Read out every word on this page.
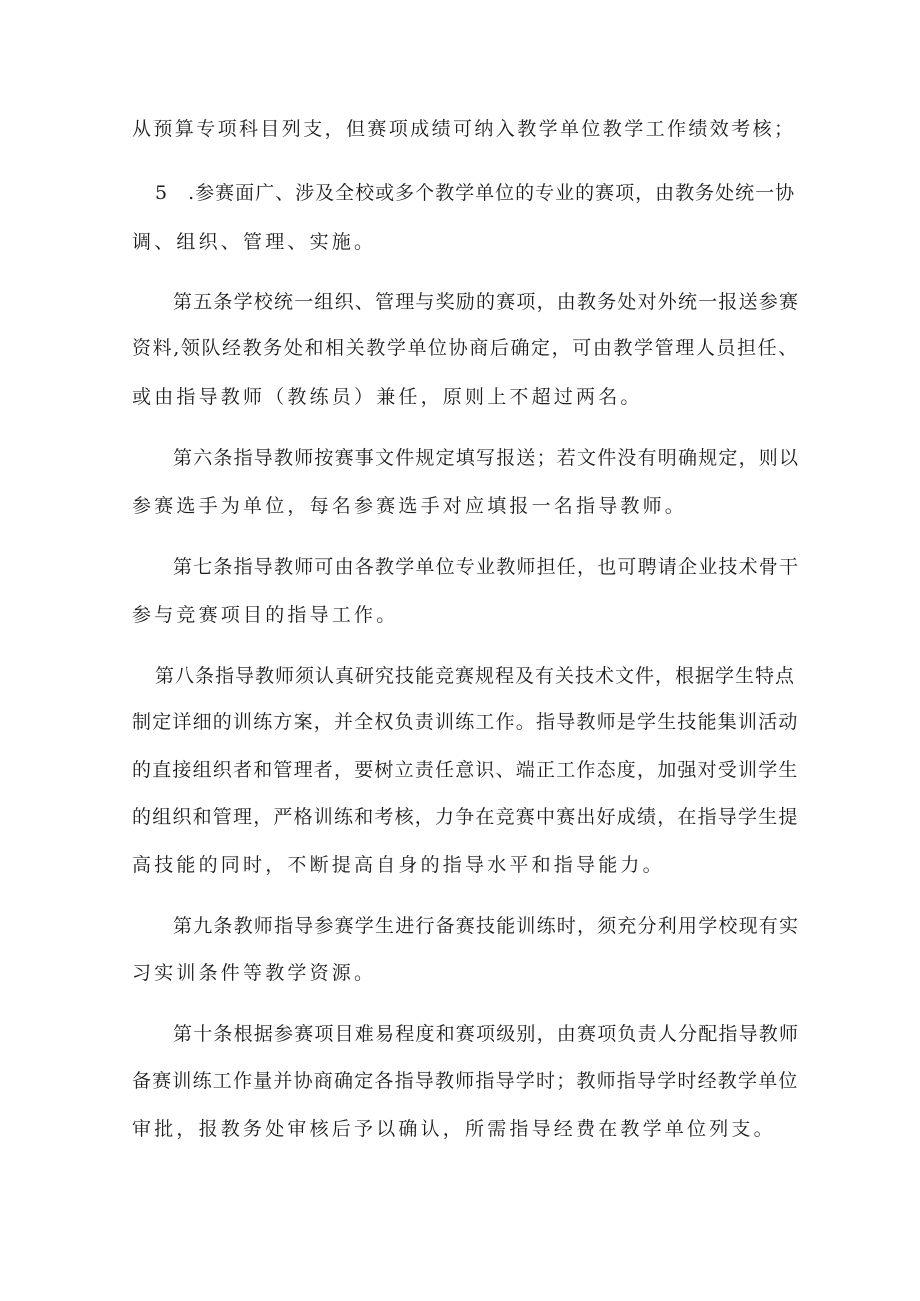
从预算专项科目列支，但赛项成绩可纳入教学单位教学工作绩效考核；
5　.参赛面广、涉及全校或多个教学单位的专业的赛项，由教务处统一协
调、组织、管理、实施。
第五条学校统一组织、管理与奖励的赛项，由教务处对外统一报送参赛
资料,领队经教务处和相关教学单位协商后确定，可由教学管理人员担任、
或由指导教师（教练员）兼任，原则上不超过两名。
第六条指导教师按赛事文件规定填写报送；若文件没有明确规定，则以
参赛选手为单位，每名参赛选手对应填报一名指导教师。
第七条指导教师可由各教学单位专业教师担任，也可聘请企业技术骨干
参与竞赛项目的指导工作。
第八条指导教师须认真研究技能竞赛规程及有关技术文件，根据学生特点
制定详细的训练方案，并全权负责训练工作。指导教师是学生技能集训活动
的直接组织者和管理者，要树立责任意识、端正工作态度，加强对受训学生
的组织和管理，严格训练和考核，力争在竞赛中赛出好成绩，在指导学生提
高技能的同时，不断提高自身的指导水平和指导能力。
第九条教师指导参赛学生进行备赛技能训练时，须充分利用学校现有实
习实训条件等教学资源。
第十条根据参赛项目难易程度和赛项级别，由赛项负责人分配指导教师
备赛训练工作量并协商确定各指导教师指导学时；教师指导学时经教学单位
审批，报教务处审核后予以确认，所需指导经费在教学单位列支。
